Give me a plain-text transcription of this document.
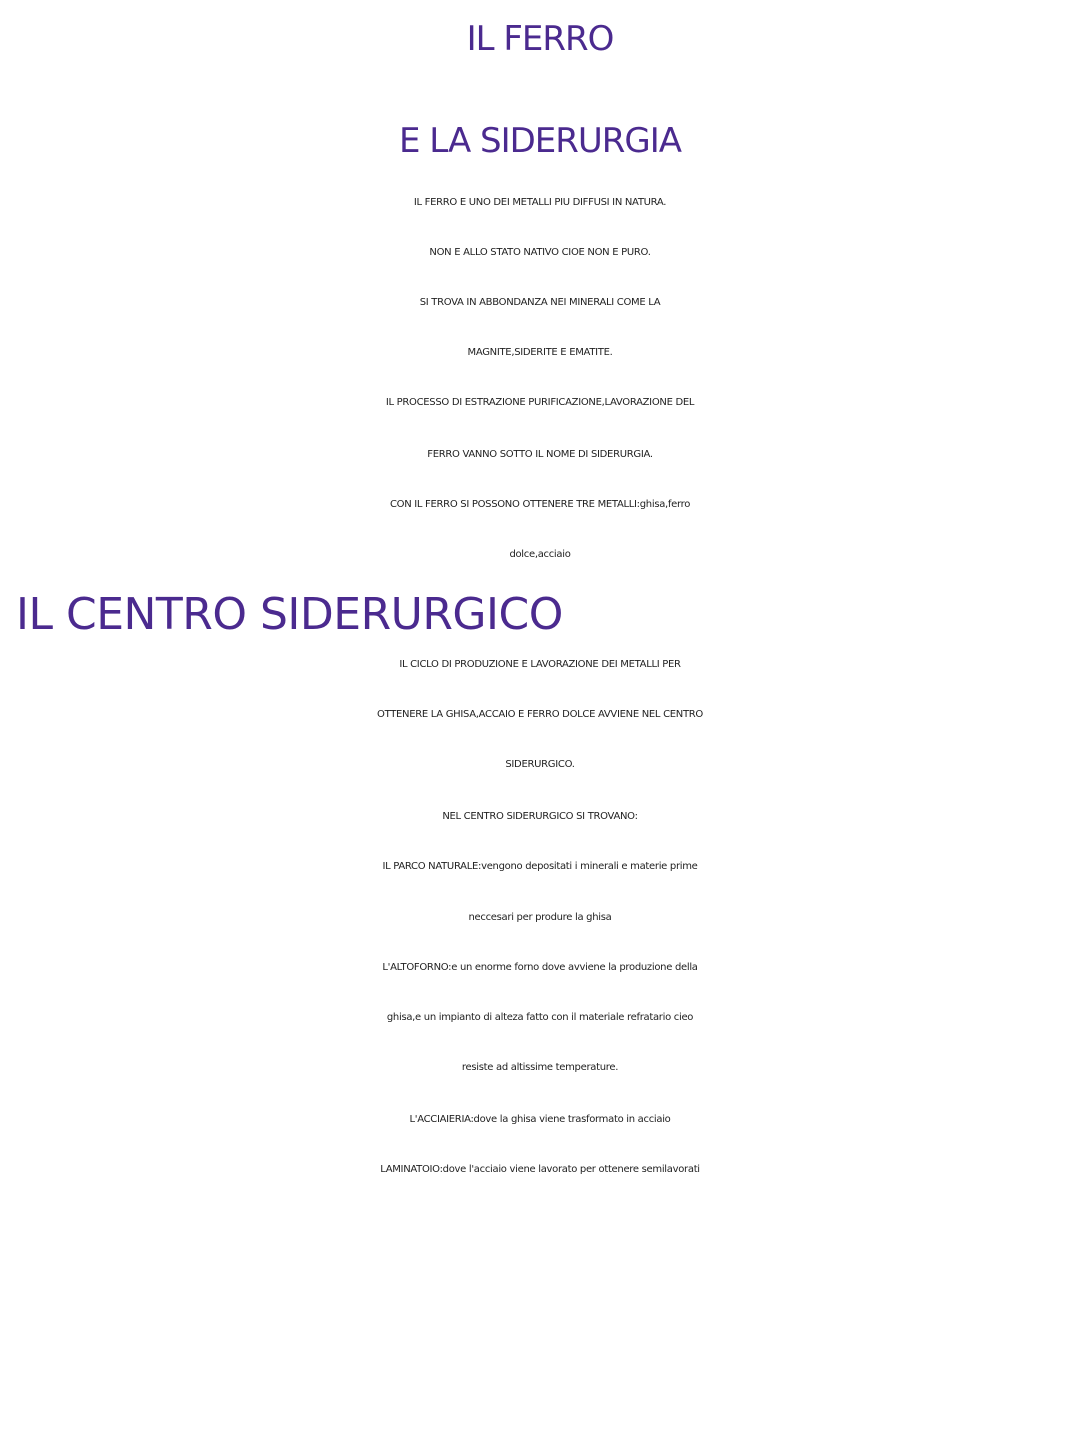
IL FERRO
E LA SIDERURGIA
IL FERRO E UNO DEI METALLI PIU DIFFUSI IN NATURA.
NON E ALLO STATO NATIVO CIOE NON E PURO.
SI TROVA IN ABBONDANZA NEI MINERALI COME LA
MAGNITE,SIDERITE E EMATITE.
IL PROCESSO DI ESTRAZIONE PURIFICAZIONE,LAVORAZIONE DEL
FERRO VANNO SOTTO IL NOME DI SIDERURGIA.
CON IL FERRO SI POSSONO OTTENERE TRE METALLI:ghisa,ferro
dolce,acciaio
IL CENTRO SIDERURGICO
IL CICLO DI PRODUZIONE E LAVORAZIONE DEI METALLI PER
OTTENERE LA GHISA,ACCAIO E FERRO DOLCE AVVIENE NEL CENTRO
SIDERURGICO.
NEL CENTRO SIDERURGICO SI TROVANO:
IL PARCO NATURALE:vengono depositati i minerali e materie prime
neccesari per produre la ghisa
L'ALTOFORNO:e un enorme forno dove avviene la produzione della
ghisa,e un impianto di alteza fatto con il materiale refratario cieo
resiste ad altissime temperature.
L'ACCIAIERIA:dove la ghisa viene trasformato in acciaio
LAMINATOIO:dove l'acciaio viene lavorato per ottenere semilavorati
